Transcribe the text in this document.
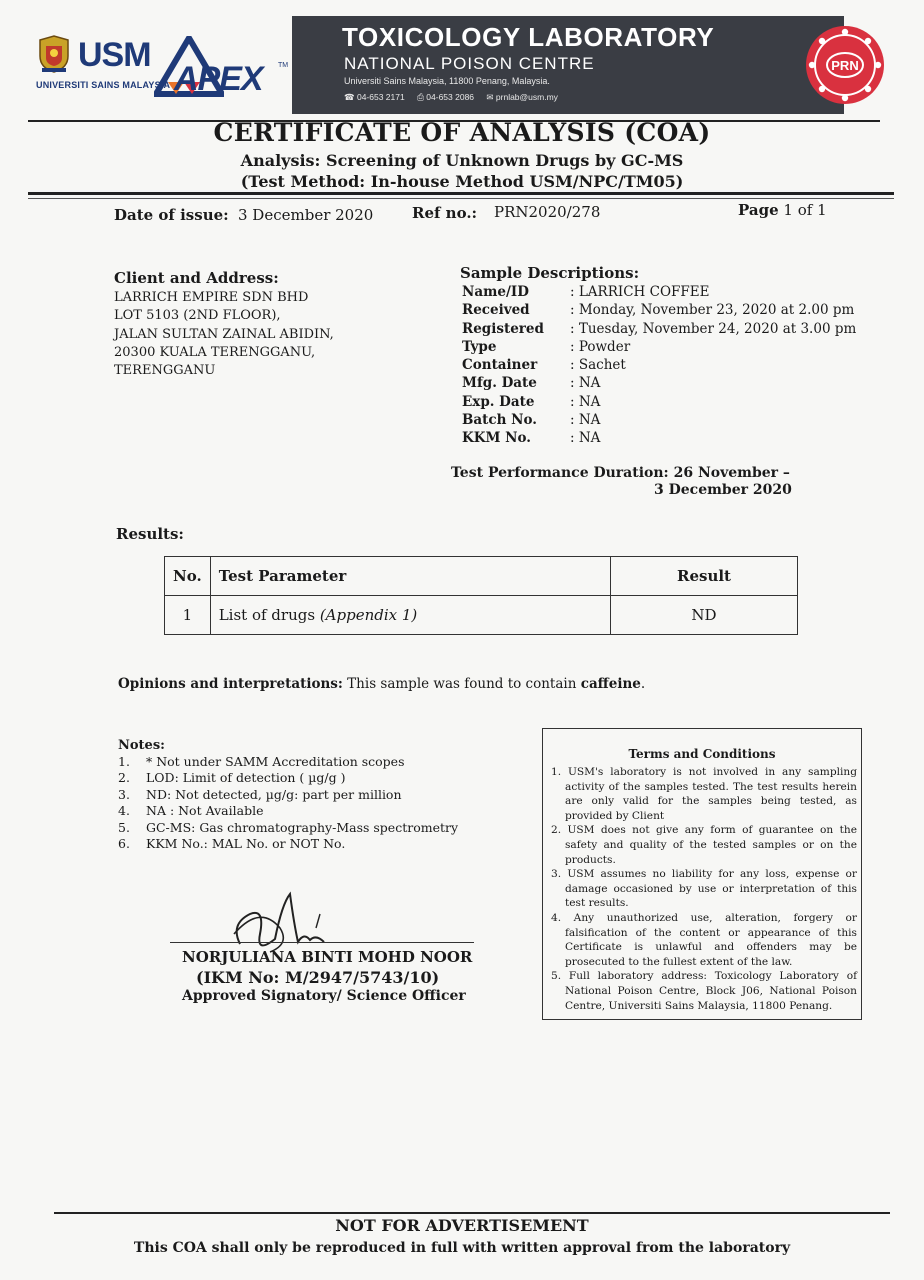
USM
UNIVERSITI SAINS MALAYSIA APEX TM
TOXICOLOGY LABORATORY
NATIONAL POISON CENTRE
Universiti Sains Malaysia, 11800 Penang, Malaysia.
☎ 04-653 2171 ⎙ 04-653 2086 ✉ prnlab@usm.my
PRN
CERTIFICATE OF ANALYSIS (COA)
Analysis: Screening of Unknown Drugs by GC-MS
(Test Method: In-house Method USM/NPC/TM05)
Date of issue: 3 December 2020	Ref no.: PRN2020/278	Page 1 of 1
Client and Address:
LARRICH EMPIRE SDN BHD
LOT 5103 (2ND FLOOR),
JALAN SULTAN ZAINAL ABIDIN,
20300 KUALA TERENGGANU,
TERENGGANU
Sample Descriptions:
Name/ID	: LARRICH COFFEE
Received	: Monday, November 23, 2020 at 2.00 pm
Registered	: Tuesday, November 24, 2020 at 3.00 pm
Type	: Powder
Container	: Sachet
Mfg. Date	: NA
Exp. Date	: NA
Batch No.	: NA
KKM No.	: NA
Test Performance Duration: 26 November –
3 December 2020
Results:
No.	Test Parameter	Result
1	List of drugs (Appendix 1)	ND
Opinions and interpretations: This sample was found to contain caffeine.
Notes:
1. * Not under SAMM Accreditation scopes
2. LOD: Limit of detection ( µg/g )
3. ND: Not detected, µg/g: part per million
4. NA : Not Available
5. GC-MS: Gas chromatography-Mass spectrometry
6. KKM No.: MAL No. or NOT No.
Terms and Conditions
1. USM's laboratory is not involved in any sampling activity of the samples tested. The test results herein are only valid for the samples being tested, as provided by Client
2. USM does not give any form of guarantee on the safety and quality of the tested samples or on the products.
3. USM assumes no liability for any loss, expense or damage occasioned by use or interpretation of this test results.
4. Any unauthorized use, alteration, forgery or falsification of the content or appearance of this Certificate is unlawful and offenders may be prosecuted to the fullest extent of the law.
5. Full laboratory address: Toxicology Laboratory of National Poison Centre, Block J06, National Poison Centre, Universiti Sains Malaysia, 11800 Penang.
NORJULIANA BINTI MOHD NOOR
(IKM No: M/2947/5743/10)
Approved Signatory/ Science Officer
NOT FOR ADVERTISEMENT
This COA shall only be reproduced in full with written approval from the laboratory
